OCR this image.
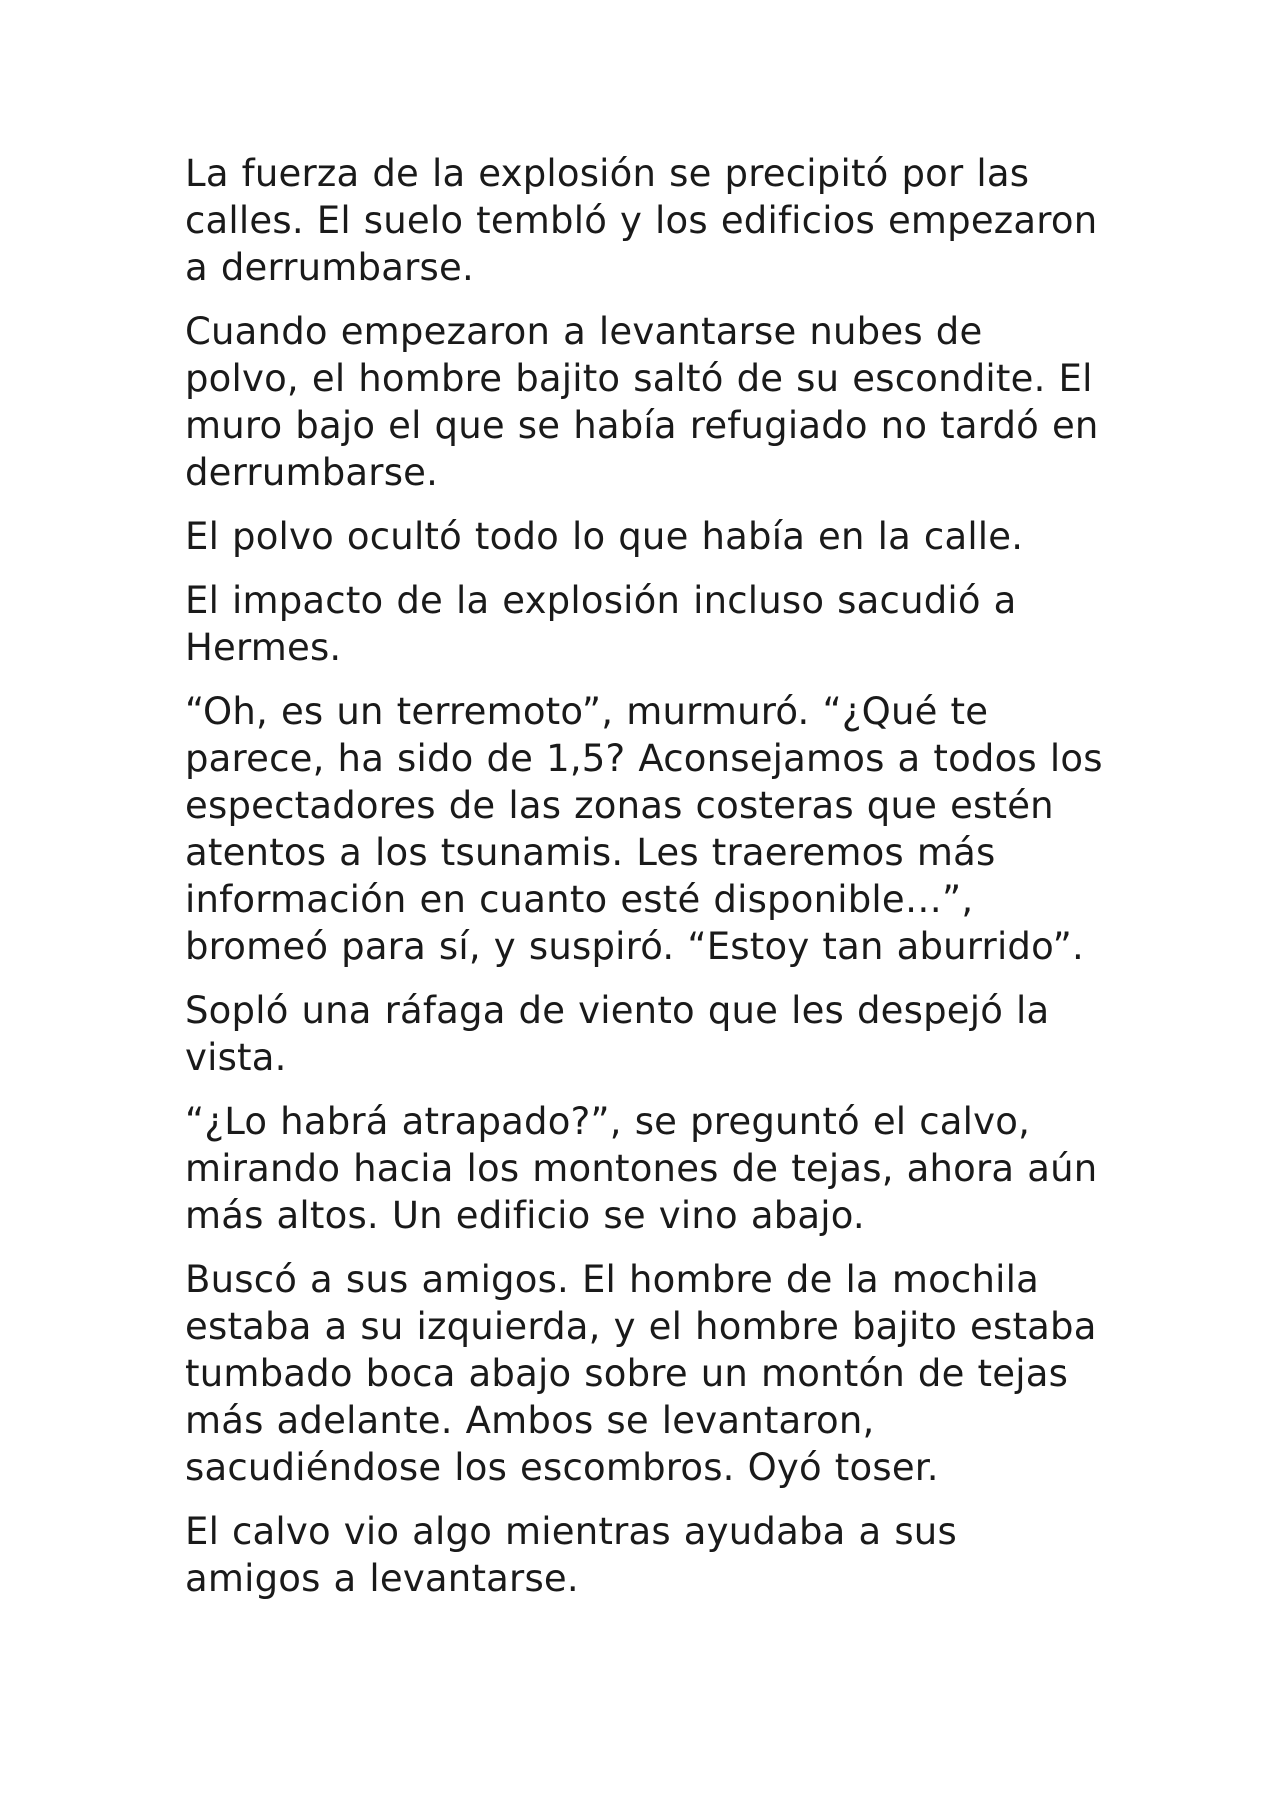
La fuerza de la explosión se precipitó por las calles. El suelo tembló y los edificios empezaron a derrumbarse.

Cuando empezaron a levantarse nubes de polvo, el hombre bajito saltó de su escondite. El muro bajo el que se había refugiado no tardó en derrumbarse.

El polvo ocultó todo lo que había en la calle.

El impacto de la explosión incluso sacudió a Hermes.

“Oh, es un terremoto”, murmuró. “¿Qué te parece, ha sido de 1,5? Aconsejamos a todos los espectadores de las zonas costeras que estén atentos a los tsunamis. Les traeremos más información en cuanto esté disponible…”, bromeó para sí, y suspiró. “Estoy tan aburrido”.

Sopló una ráfaga de viento que les despejó la vista.

“¿Lo habrá atrapado?”, se preguntó el calvo, mirando hacia los montones de tejas, ahora aún más altos. Un edificio se vino abajo.

Buscó a sus amigos. El hombre de la mochila estaba a su izquierda, y el hombre bajito estaba tumbado boca abajo sobre un montón de tejas más adelante. Ambos se levantaron, sacudiéndose los escombros. Oyó toser.

El calvo vio algo mientras ayudaba a sus amigos a levantarse.
